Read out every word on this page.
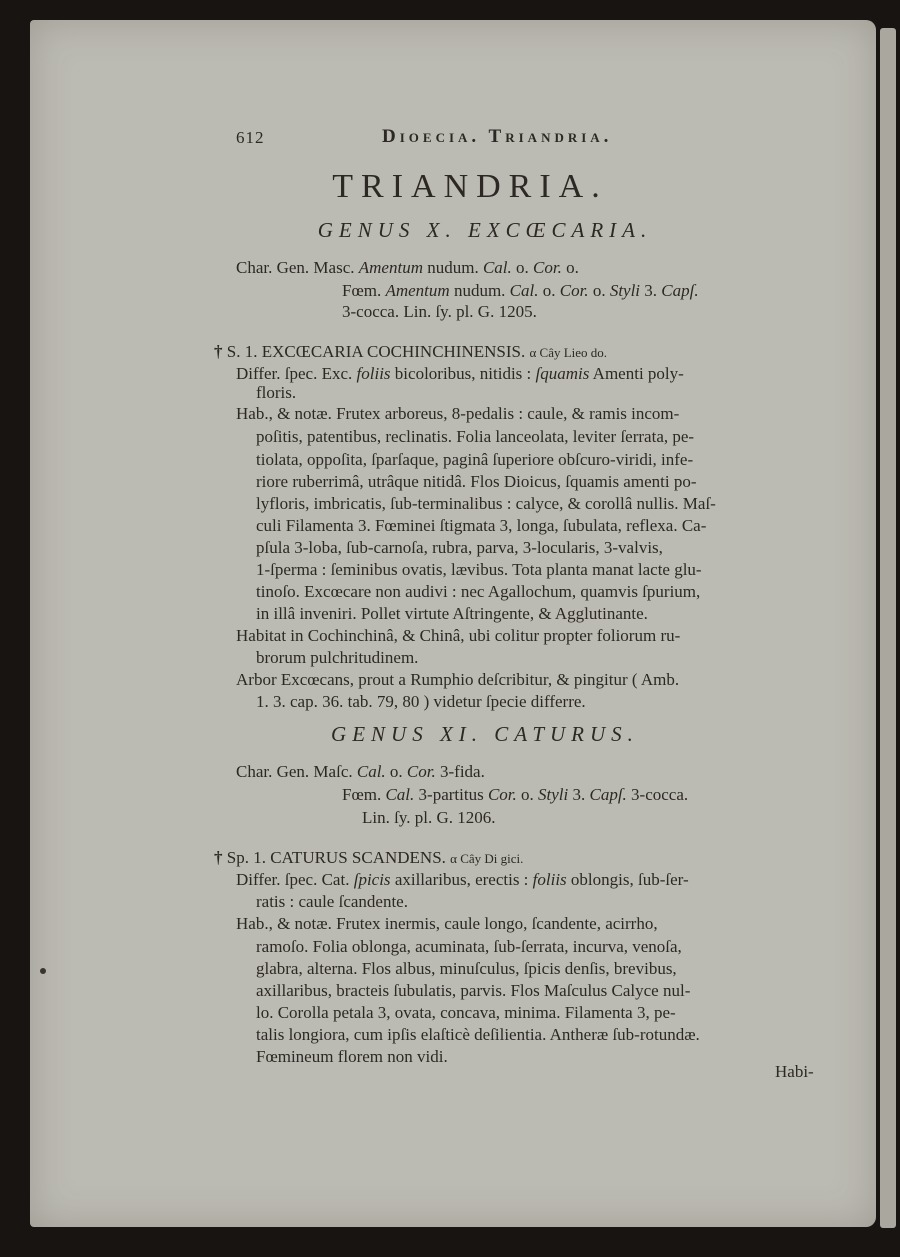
612	Dioecia. Triandria.
TRIANDRIA.
GENUS X. EXCŒCARIA.
Char. Gen. Masc. Amentum nudum. Cal. o. Cor. o.
Fœm. Amentum nudum. Cal. o. Cor. o. Styli 3. Capſ.
3-cocca. Lin. ſy. pl. G. 1205.
† S. 1. EXCŒCARIA COCHINCHINENSIS. α Cây Lieo do.
Differ. ſpec. Exc. foliis bicoloribus, nitidis : ſquamis Amenti poly-
floris.
Hab., & notæ. Frutex arboreus, 8-pedalis : caule, & ramis incom-
poſitis, patentibus, reclinatis. Folia lanceolata, leviter ſerrata, pe-
tiolata, oppoſita, ſparſaque, paginâ ſuperiore obſcuro-viridi, infe-
riore ruberrimâ, utrâque nitidâ. Flos Dioicus, ſquamis amenti po-
lyfloris, imbricatis, ſub-terminalibus : calyce, & corollâ nullis. Maſ-
culi Filamenta 3. Fœminei ſtigmata 3, longa, ſubulata, reflexa. Ca-
pſula 3-loba, ſub-carnoſa, rubra, parva, 3-locularis, 3-valvis,
1-ſperma : ſeminibus ovatis, lævibus. Tota planta manat lacte glu-
tinoſo. Excœcare non audivi : nec Agallochum, quamvis ſpurium,
in illâ inveniri. Pollet virtute Aſtringente, & Agglutinante.
Habitat in Cochinchinâ, & Chinâ, ubi colitur propter foliorum ru-
brorum pulchritudinem.
Arbor Excœcans, prout a Rumphio deſcribitur, & pingitur ( Amb.
1. 3. cap. 36. tab. 79, 80 ) videtur ſpecie differre.
GENUS XI. CATURUS.
Char. Gen. Maſc. Cal. o. Cor. 3-fida.
Fœm. Cal. 3-partitus Cor. o. Styli 3. Capſ. 3-cocca.
Lin. ſy. pl. G. 1206.
† Sp. 1. CATURUS SCANDENS. α Cây Di gici.
Differ. ſpec. Cat. ſpicis axillaribus, erectis : foliis oblongis, ſub-ſer-
ratis : caule ſcandente.
Hab., & notæ. Frutex inermis, caule longo, ſcandente, acirrho,
ramoſo. Folia oblonga, acuminata, ſub-ſerrata, incurva, venoſa,
glabra, alterna. Flos albus, minuſculus, ſpicis denſis, brevibus,
axillaribus, bracteis ſubulatis, parvis. Flos Maſculus Calyce nul-
lo. Corolla petala 3, ovata, concava, minima. Filamenta 3, pe-
talis longiora, cum ipſis elaſticè deſilientia. Antheræ ſub-rotundæ.
Fœmineum florem non vidi.
Habi-
